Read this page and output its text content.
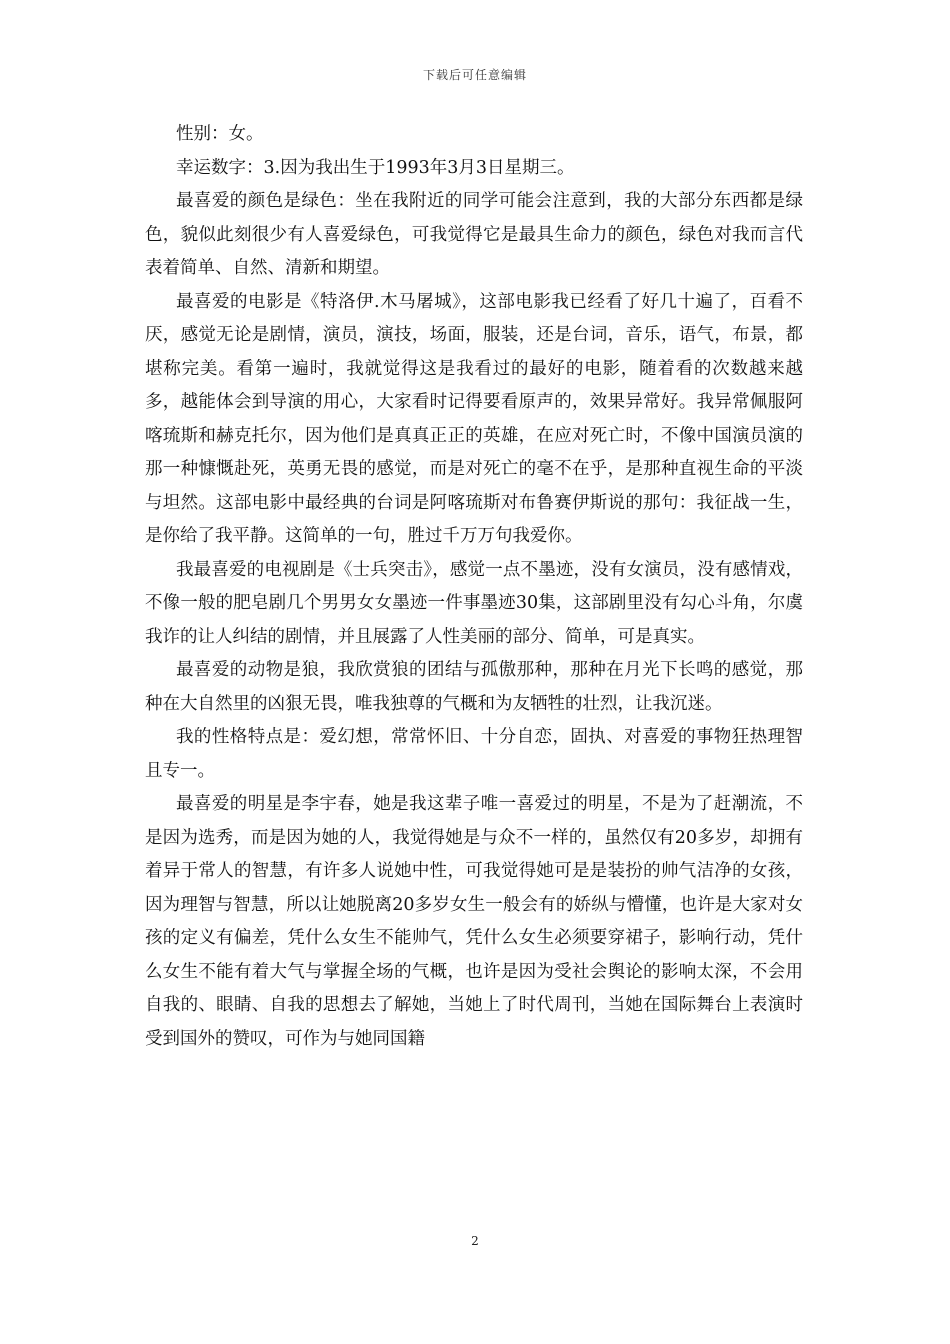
下载后可任意编辑

性别：女。

幸运数字：3.因为我出生于1993年3月3日星期三。

最喜爱的颜色是绿色：坐在我附近的同学可能会注意到，我的大部分东西都是绿色，貌似此刻很少有人喜爱绿色，可我觉得它是最具生命力的颜色，绿色对我而言代表着简单、自然、清新和期望。

最喜爱的电影是《特洛伊.木马屠城》，这部电影我已经看了好几十遍了，百看不厌，感觉无论是剧情，演员，演技，场面，服装，还是台词，音乐，语气，布景，都堪称完美。看第一遍时，我就觉得这是我看过的最好的电影，随着看的次数越来越多，越能体会到导演的用心，大家看时记得要看原声的，效果异常好。我异常佩服阿喀琉斯和赫克托尔，因为他们是真真正正的英雄，在应对死亡时，不像中国演员演的那一种慷慨赴死，英勇无畏的感觉，而是对死亡的毫不在乎，是那种直视生命的平淡与坦然。这部电影中最经典的台词是阿喀琉斯对布鲁赛伊斯说的那句：我征战一生，是你给了我平静。这简单的一句，胜过千万万句我爱你。

我最喜爱的电视剧是《士兵突击》，感觉一点不墨迹，没有女演员，没有感情戏，不像一般的肥皂剧几个男男女女墨迹一件事墨迹30集，这部剧里没有勾心斗角，尔虞我诈的让人纠结的剧情，并且展露了人性美丽的部分、简单，可是真实。

最喜爱的动物是狼，我欣赏狼的团结与孤傲那种，那种在月光下长鸣的感觉，那种在大自然里的凶狠无畏，唯我独尊的气概和为友牺牲的壮烈，让我沉迷。

我的性格特点是：爱幻想，常常怀旧、十分自恋，固执、对喜爱的事物狂热理智且专一。

最喜爱的明星是李宇春，她是我这辈子唯一喜爱过的明星，不是为了赶潮流，不是因为选秀，而是因为她的人，我觉得她是与众不一样的，虽然仅有20多岁，却拥有着异于常人的智慧，有许多人说她中性，可我觉得她可是是装扮的帅气洁净的女孩，因为理智与智慧，所以让她脱离20多岁女生一般会有的娇纵与懵懂，也许是大家对女孩的定义有偏差，凭什么女生不能帅气，凭什么女生必须要穿裙子，影响行动，凭什么女生不能有着大气与掌握全场的气概，也许是因为受社会舆论的影响太深，不会用自我的、眼睛、自我的思想去了解她，当她上了时代周刊，当她在国际舞台上表演时受到国外的赞叹，可作为与她同国籍

2
